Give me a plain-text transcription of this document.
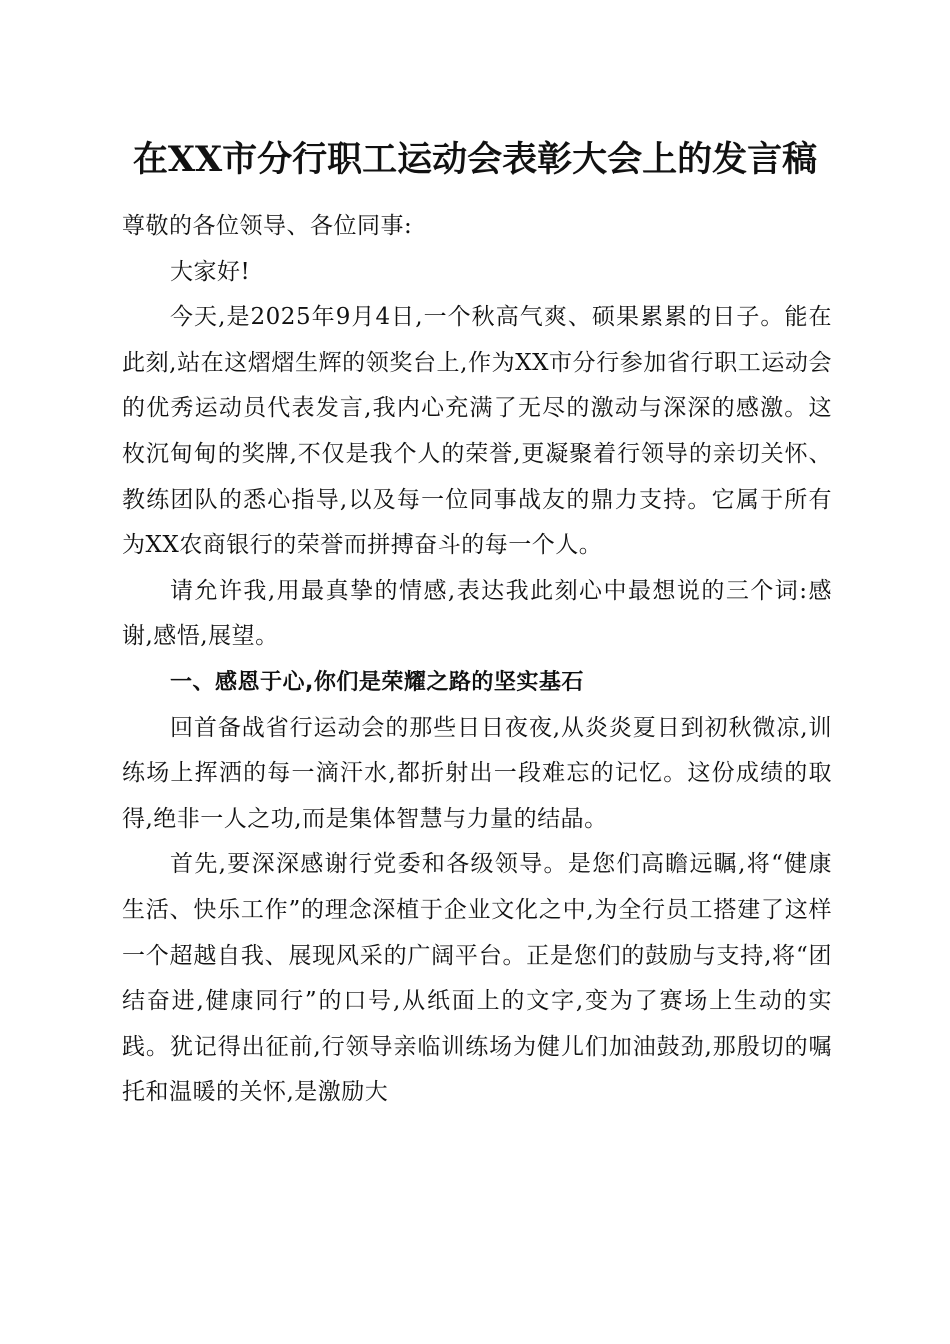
在XX市分行职工运动会表彰大会上的发言稿

尊敬的各位领导、各位同事:

大家好!

今天,是2025年9月4日,一个秋高气爽、硕果累累的日子。能在此刻,站在这熠熠生辉的领奖台上,作为XX市分行参加省行职工运动会的优秀运动员代表发言,我内心充满了无尽的激动与深深的感激。这枚沉甸甸的奖牌,不仅是我个人的荣誉,更凝聚着行领导的亲切关怀、教练团队的悉心指导,以及每一位同事战友的鼎力支持。它属于所有为XX农商银行的荣誉而拼搏奋斗的每一个人。

请允许我,用最真挚的情感,表达我此刻心中最想说的三个词:感谢,感悟,展望。

一、感恩于心,你们是荣耀之路的坚实基石

回首备战省行运动会的那些日日夜夜,从炎炎夏日到初秋微凉,训练场上挥洒的每一滴汗水,都折射出一段难忘的记忆。这份成绩的取得,绝非一人之功,而是集体智慧与力量的结晶。

首先,要深深感谢行党委和各级领导。是您们高瞻远瞩,将“健康生活、快乐工作”的理念深植于企业文化之中,为全行员工搭建了这样一个超越自我、展现风采的广阔平台。正是您们的鼓励与支持,将“团结奋进,健康同行”的口号,从纸面上的文字,变为了赛场上生动的实践。犹记得出征前,行领导亲临训练场为健儿们加油鼓劲,那殷切的嘱托和温暖的关怀,是激励大
